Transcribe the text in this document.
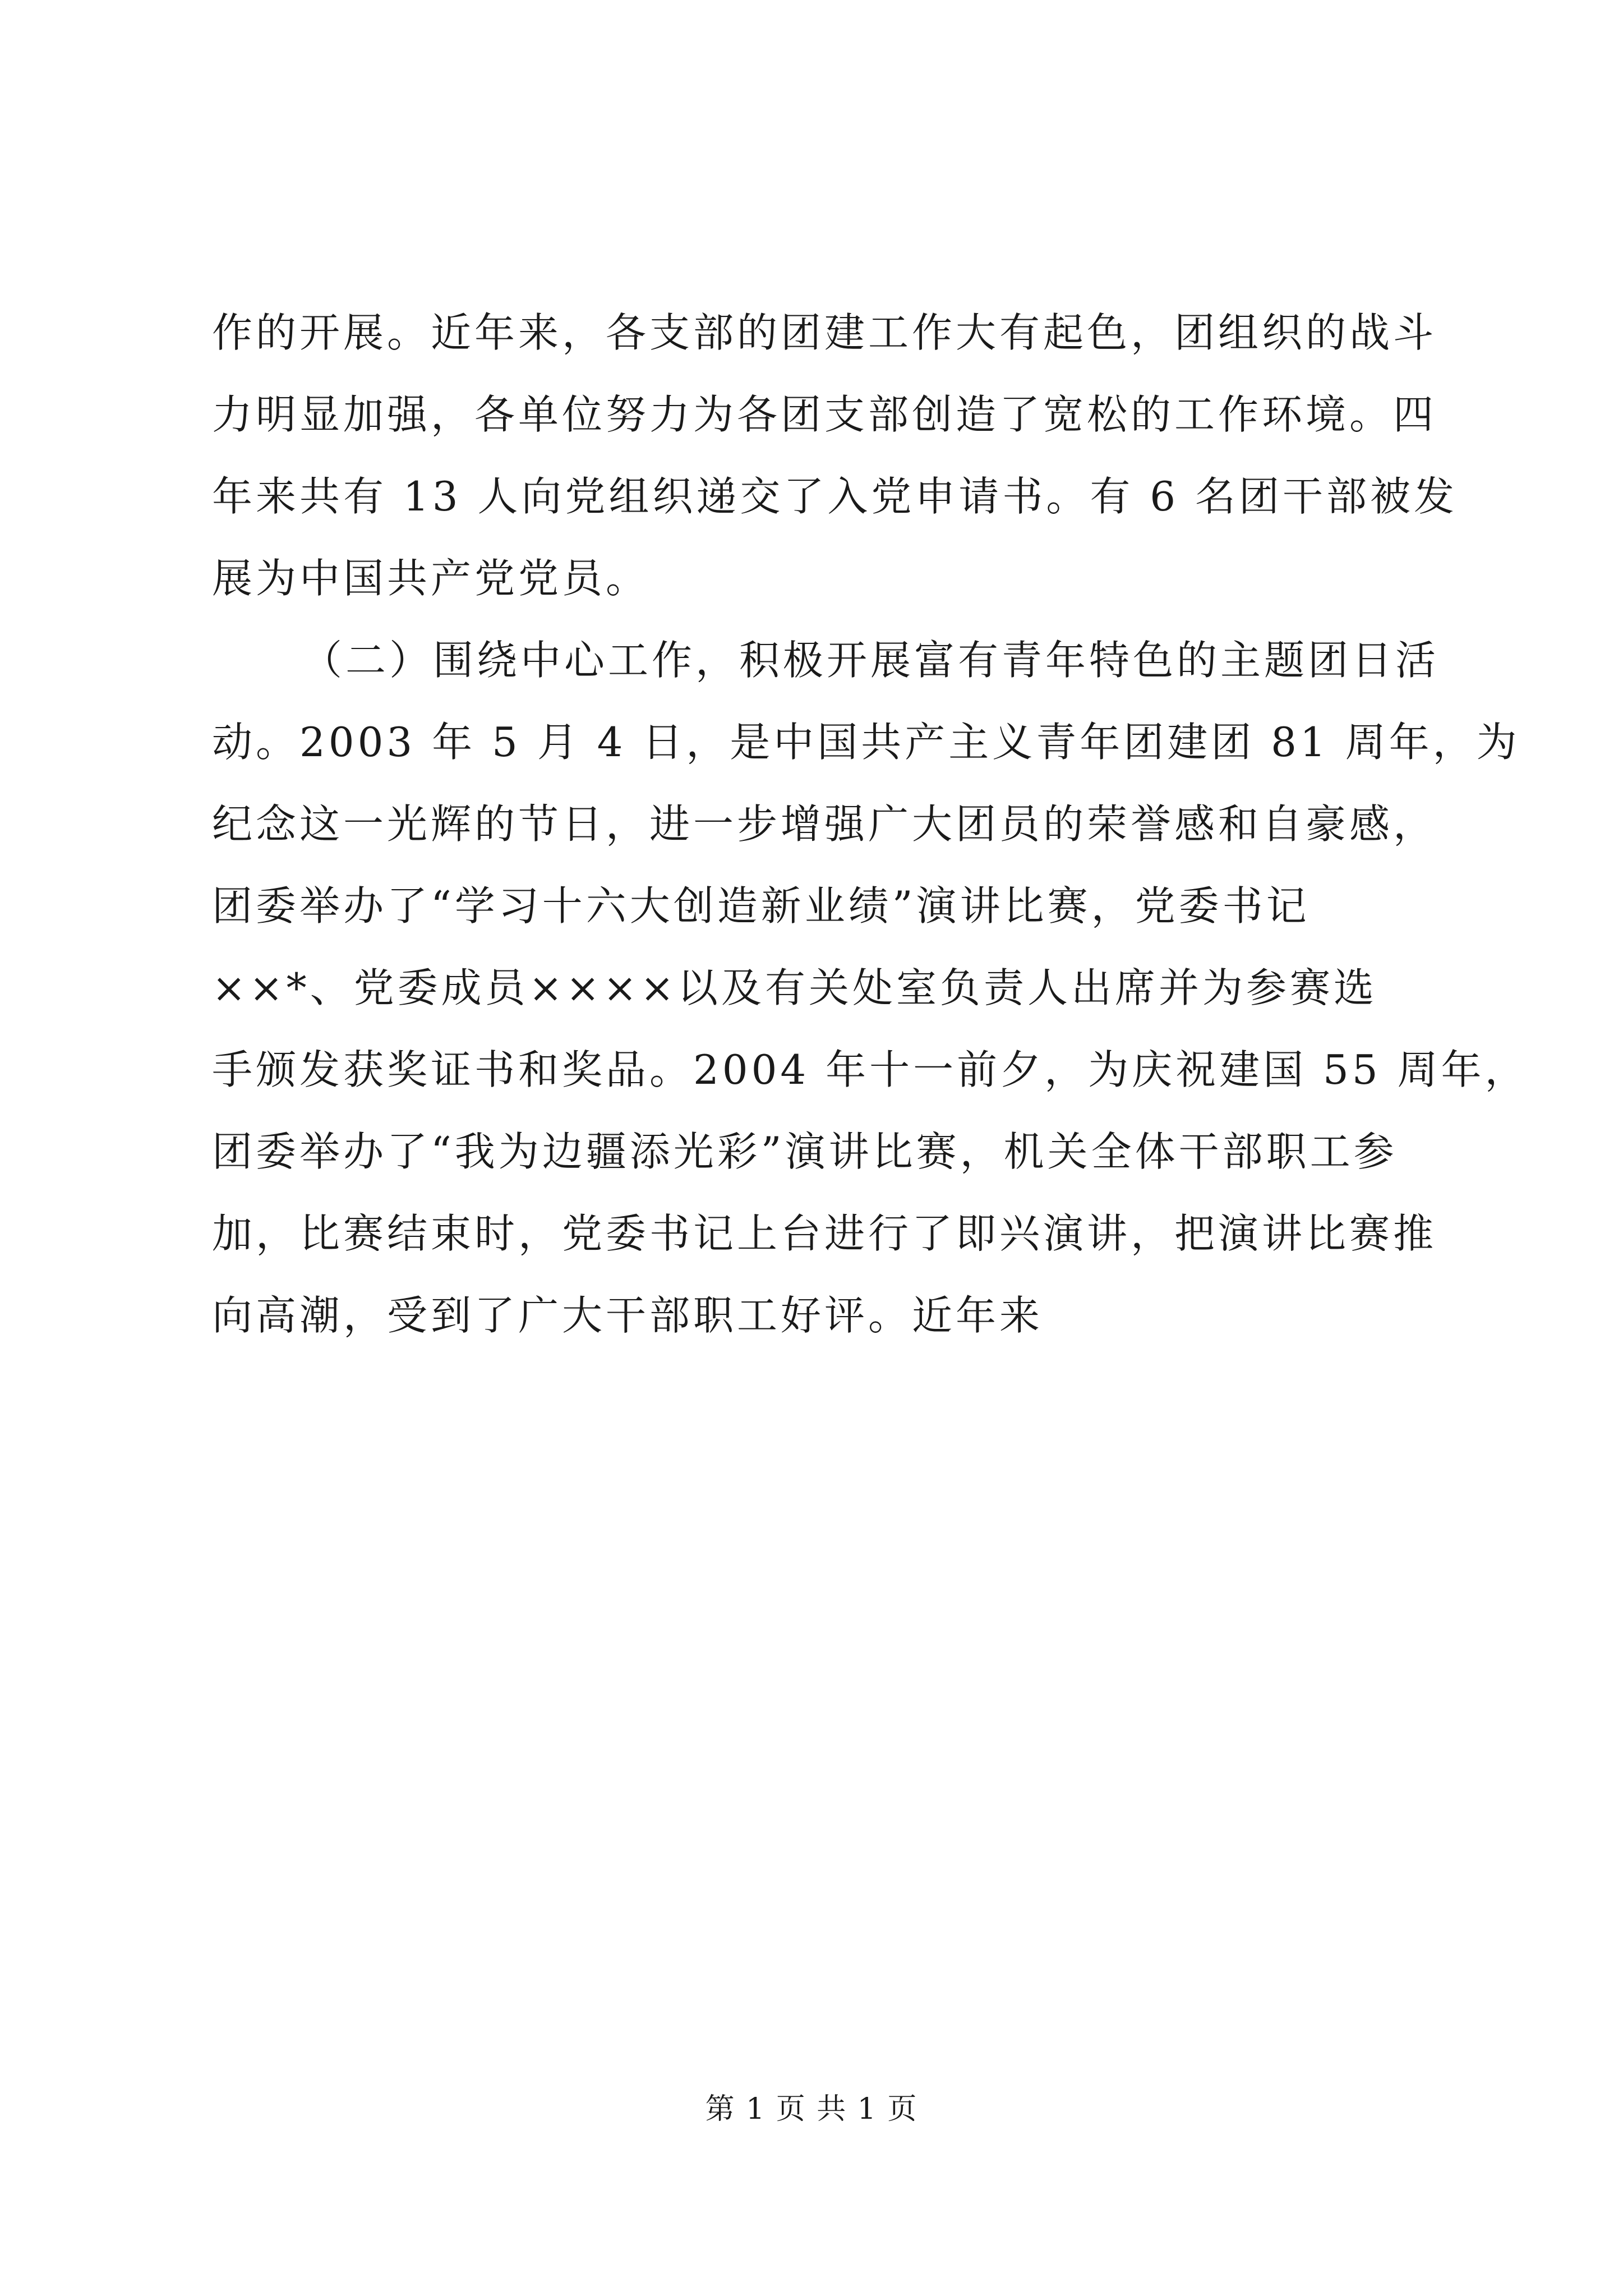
作的开展。近年来，各支部的团建工作大有起色，团组织的战斗
力明显加强，各单位努力为各团支部创造了宽松的工作环境。四
年来共有 13 人向党组织递交了入党申请书。有 6 名团干部被发
展为中国共产党党员。
（二）围绕中心工作，积极开展富有青年特色的主题团日活
动。2003 年 5 月 4 日，是中国共产主义青年团建团 81 周年，为
纪念这一光辉的节日，进一步增强广大团员的荣誉感和自豪感，
团委举办了“学习十六大创造新业绩”演讲比赛，党委书记
××*、党委成员××××以及有关处室负责人出席并为参赛选
手颁发获奖证书和奖品。2004 年十一前夕，为庆祝建国 55 周年，
团委举办了“我为边疆添光彩”演讲比赛，机关全体干部职工参
加，比赛结束时，党委书记上台进行了即兴演讲，把演讲比赛推
向高潮，受到了广大干部职工好评。近年来
第 1 页 共 1 页
